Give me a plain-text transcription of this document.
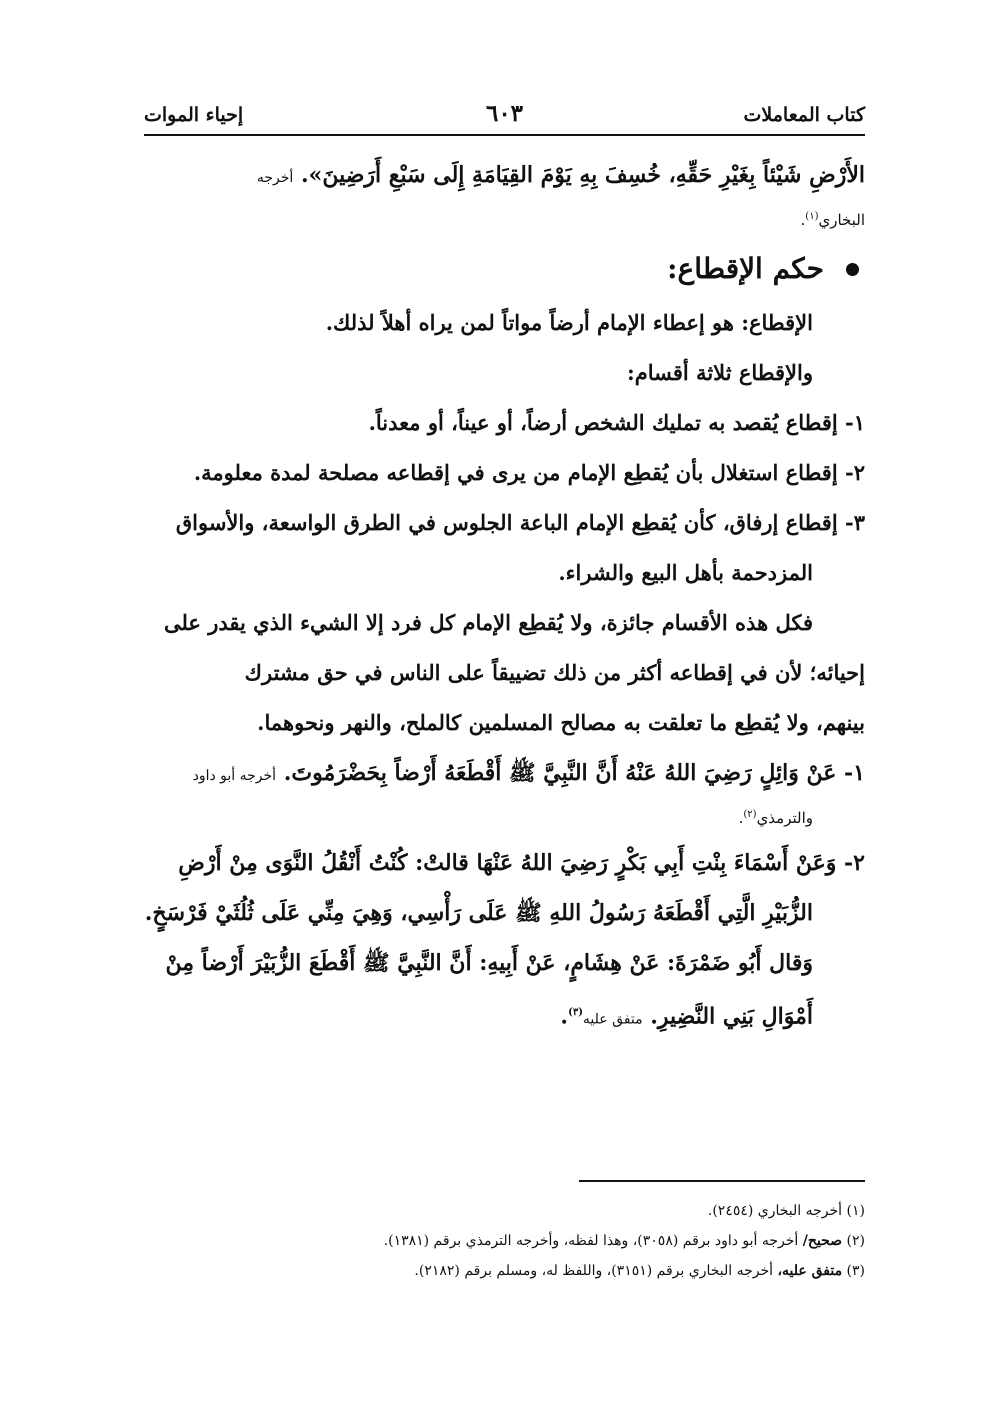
كتاب المعاملات
٦٠٣
إحياء الموات

الأَرْضِ شَيْئاً بِغَيْرِ حَقِّهِ، خُسِفَ بِهِ يَوْمَ القِيَامَةِ إِلَى سَبْعِ أَرَضِينَ». أخرجه

البخاري$^{(١)}$.

حكم الإقطاع:

الإقطاع: هو إعطاء الإمام أرضاً مواتاً لمن يراه أهلاً لذلك.

والإقطاع ثلاثة أقسام:

١- إقطاع يُقصد به تمليك الشخص أرضاً، أو عيناً، أو معدناً.

٢- إقطاع استغلال بأن يُقطِع الإمام من يرى في إقطاعه مصلحة لمدة معلومة.

٣- إقطاع إرفاق، كأن يُقطِع الإمام الباعة الجلوس في الطرق الواسعة، والأسواق

المزدحمة بأهل البيع والشراء.

فكل هذه الأقسام جائزة، ولا يُقطِع الإمام كل فرد إلا الشيء الذي يقدر على

إحيائه؛ لأن في إقطاعه أكثر من ذلك تضييقاً على الناس في حق مشترك

بينهم، ولا يُقطِع ما تعلقت به مصالح المسلمين كالملح، والنهر ونحوهما.

١- عَنْ وَائِلٍ رَضِيَ اللهُ عَنْهُ أَنَّ النَّبِيَّ ﷺ أَقْطَعَهُ أَرْضاً بِحَضْرَمُوتَ. أخرجه أبو داود

والترمذي$^{(٢)}$.

٢- وَعَنْ أَسْمَاءَ بِنْتِ أَبِي بَكْرٍ رَضِيَ اللهُ عَنْهَا قالتْ: كُنْتُ أَنْقُلُ النَّوَى مِنْ أَرْضِ

الزُّبَيْرِ الَّتِي أَقْطَعَهُ رَسُولُ اللهِ ﷺ عَلَى رَأْسِي، وَهِيَ مِنِّي عَلَى ثُلُثَيْ فَرْسَخٍ.

وَقال أَبُو ضَمْرَةَ: عَنْ هِشَامٍ، عَنْ أَبِيهِ: أَنَّ النَّبِيَّ ﷺ أَقْطَعَ الزُّبَيْرَ أَرْضاً مِنْ

أَمْوَالِ بَنِي النَّضِيرِ. متفق عليه$^{(٣)}$.

(١) أخرجه البخاري (٢٤٥٤).

(٢) صحيح/ أخرجه أبو داود برقم (٣٠٥٨)، وهذا لفظه، وأخرجه الترمذي برقم (١٣٨١).

(٣) متفق عليه، أخرجه البخاري برقم (٣١٥١)، واللفظ له، ومسلم برقم (٢١٨٢).
